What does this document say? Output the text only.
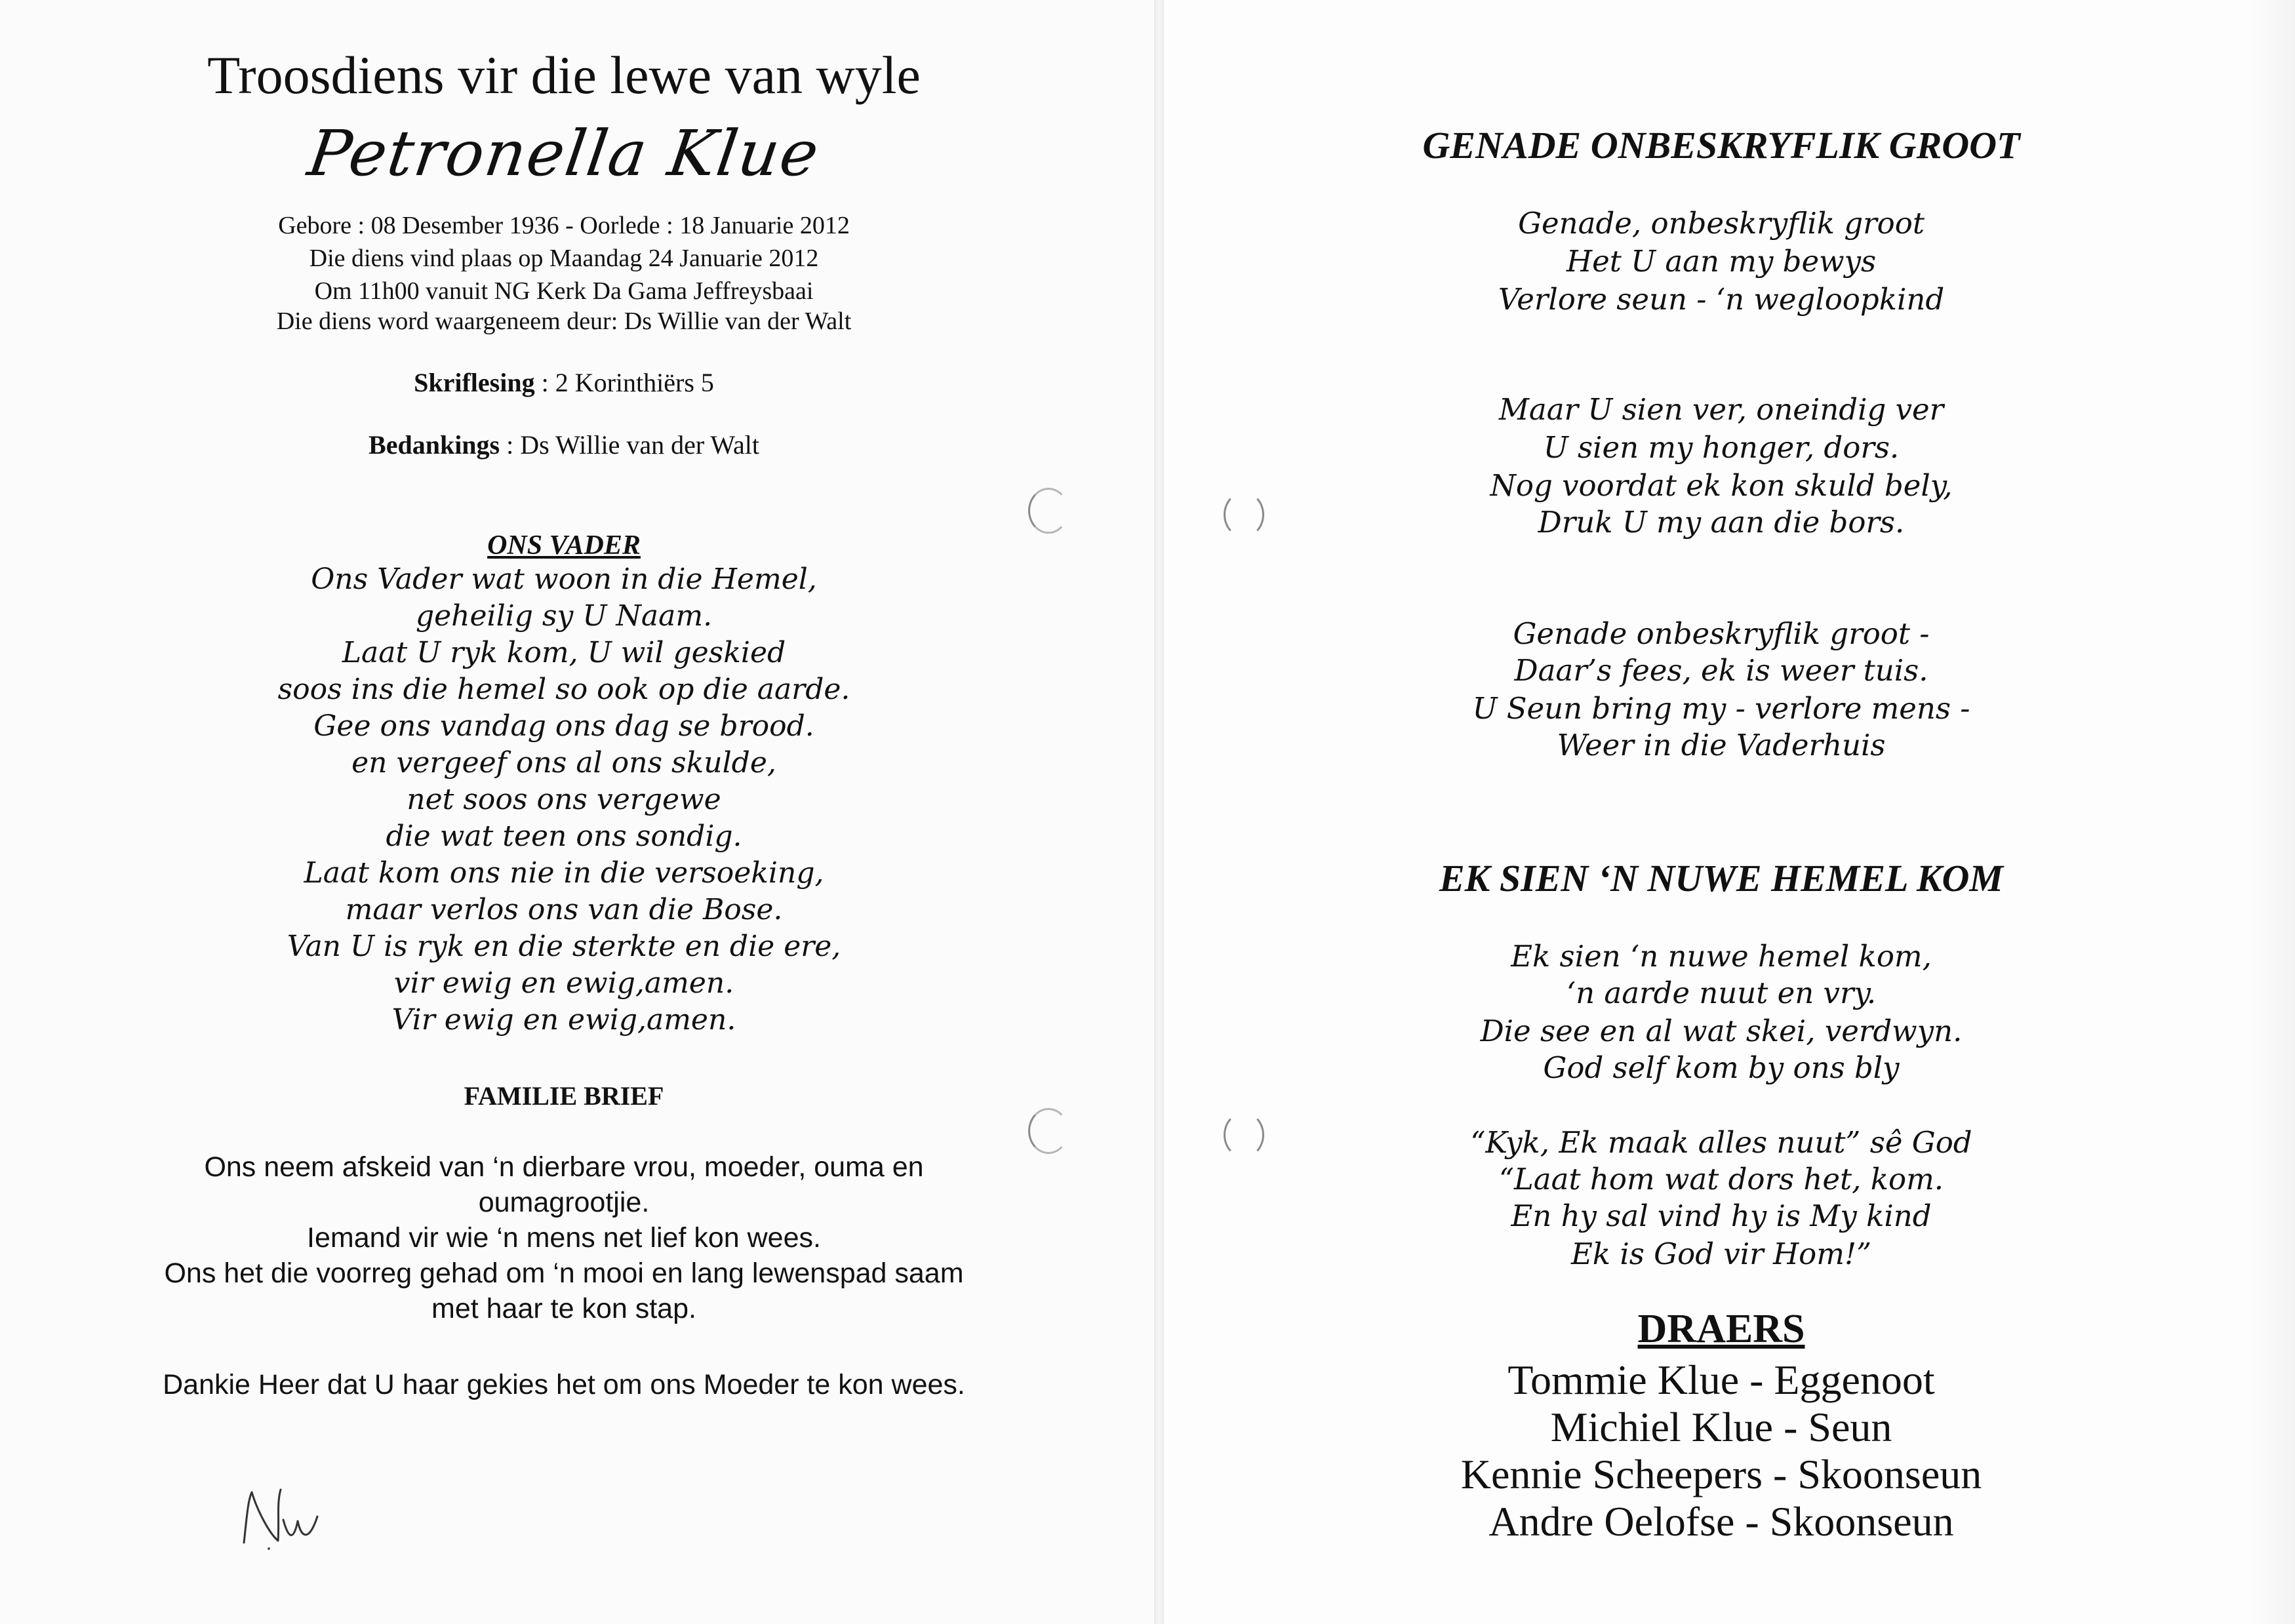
Troosdiens vir die lewe van wyle
Petronella Klue
Gebore : 08 Desember 1936 - Oorlede : 18 Januarie 2012
Die diens vind plaas op Maandag 24 Januarie 2012
Om 11h00 vanuit NG Kerk Da Gama Jeffreysbaai
Die diens word waargeneem deur: Ds Willie van der Walt
Skriflesing : 2 Korinthiërs 5
Bedankings : Ds Willie van der Walt
ONS VADER
Ons Vader wat woon in die Hemel,
geheilig sy U Naam.
Laat U ryk kom, U wil geskied
soos ins die hemel so ook op die aarde.
Gee ons vandag ons dag se brood.
en vergeef ons al ons skulde,
net soos ons vergewe
die wat teen ons sondig.
Laat kom ons nie in die versoeking,
maar verlos ons van die Bose.
Van U is ryk en die sterkte en die ere,
vir ewig en ewig,amen.
Vir ewig en ewig,amen.
FAMILIE BRIEF
Ons neem afskeid van ‘n dierbare vrou, moeder, ouma en
oumagrootjie.
Iemand vir wie ‘n mens net lief kon wees.
Ons het die voorreg gehad om ‘n mooi en lang lewenspad saam
met haar te kon stap.
Dankie Heer dat U haar gekies het om ons Moeder te kon wees.
GENADE ONBESKRYFLIK GROOT
Genade, onbeskryflik groot
Het U aan my bewys
Verlore seun - ‘n wegloopkind
Maar U sien ver, oneindig ver
U sien my honger, dors.
Nog voordat ek kon skuld bely,
Druk U my aan die bors.
Genade onbeskryflik groot -
Daar’s fees, ek is weer tuis.
U Seun bring my - verlore mens -
Weer in die Vaderhuis
EK SIEN ‘N NUWE HEMEL KOM
Ek sien ‘n nuwe hemel kom,
‘n aarde nuut en vry.
Die see en al wat skei, verdwyn.
God self kom by ons bly
“Kyk, Ek maak alles nuut” sê God
“Laat hom wat dors het, kom.
En hy sal vind hy is My kind
Ek is God vir Hom!”
DRAERS
Tommie Klue - Eggenoot
Michiel Klue - Seun
Kennie Scheepers - Skoonseun
Andre Oelofse - Skoonseun
